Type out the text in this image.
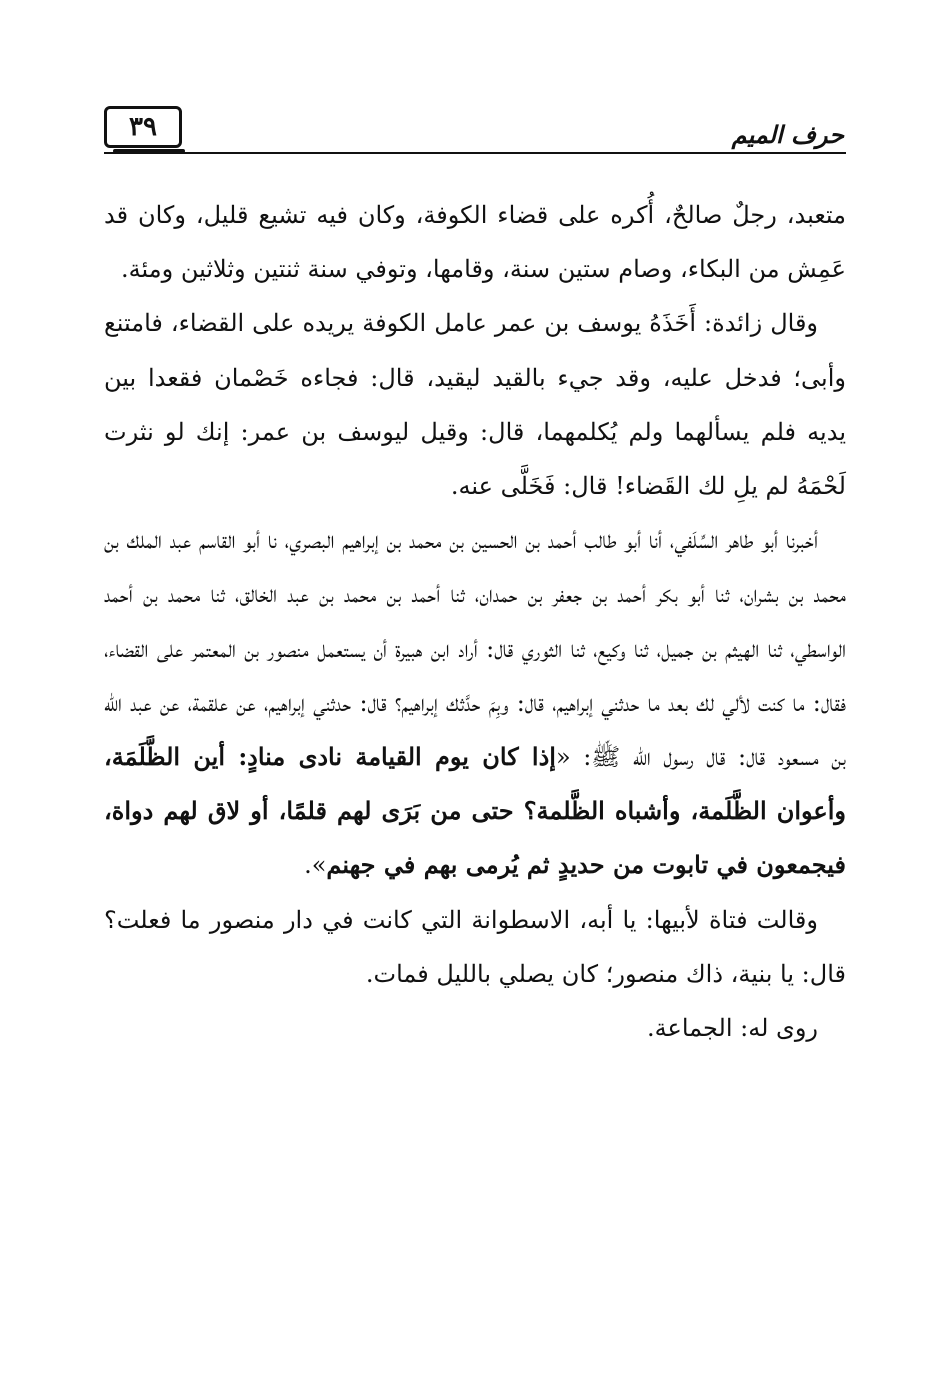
٣٩	حرف الميم

متعبد، رجلٌ صالحٌ، أُكره على قضاء الكوفة، وكان فيه تشيع قليل، وكان قد عَمِش من البكاء، وصام ستين سنة، وقامها، وتوفي سنة ثنتين وثلاثين ومئة.

وقال زائدة: أَخَذَهُ يوسف بن عمر عامل الكوفة يريده على القضاء، فامتنع وأبى؛ فدخل عليه، وقد جيء بالقيد ليقيد، قال: فجاءه خَصْمان فقعدا بين يديه فلم يسألهما ولم يُكلمهما، قال: وقيل ليوسف بن عمر: إنك لو نثرت لَحْمَهُ لم يلِ لك القَضاء! قال: فَخَلَّى عنه.

أخبرنا أبو طاهر السِّلَفي، أنا أبو طالب أحمد بن الحسين بن محمد بن إبراهيم البصري، نا أبو القاسم عبد الملك بن محمد بن بشران، ثنا أبو بكر أحمد بن جعفر بن حمدان، ثنا أحمد بن محمد بن عبد الخالق، ثنا محمد بن أحمد الواسطي، ثنا الهيثم بن جميل، ثنا وكيع، ثنا الثوري قال: أراد ابن هبيرة أن يستعمل منصور بن المعتمر على القضاء، فقال: ما كنت لألي لك بعد ما حدثني إبراهيم، قال: وبِمَ حدَّثك إبراهيم؟ قال: حدثني إبراهيم، عن علقمة، عن عبد الله بن مسعود قال: قال رسول الله ﷺ: «إذا كان يوم القيامة نادى منادٍ: أين الظَّلَمَة، وأعوان الظَّلَمة، وأشباه الظَّلمة؟ حتى من بَرَى لهم قلمًا، أو لاق لهم دواة، فيجمعون في تابوت من حديدٍ ثم يُرمى بهم في جهنم».

وقالت فتاة لأبيها: يا أبه، الاسطوانة التي كانت في دار منصور ما فعلت؟ قال: يا بنية، ذاك منصور؛ كان يصلي بالليل فمات.

روى له: الجماعة.
